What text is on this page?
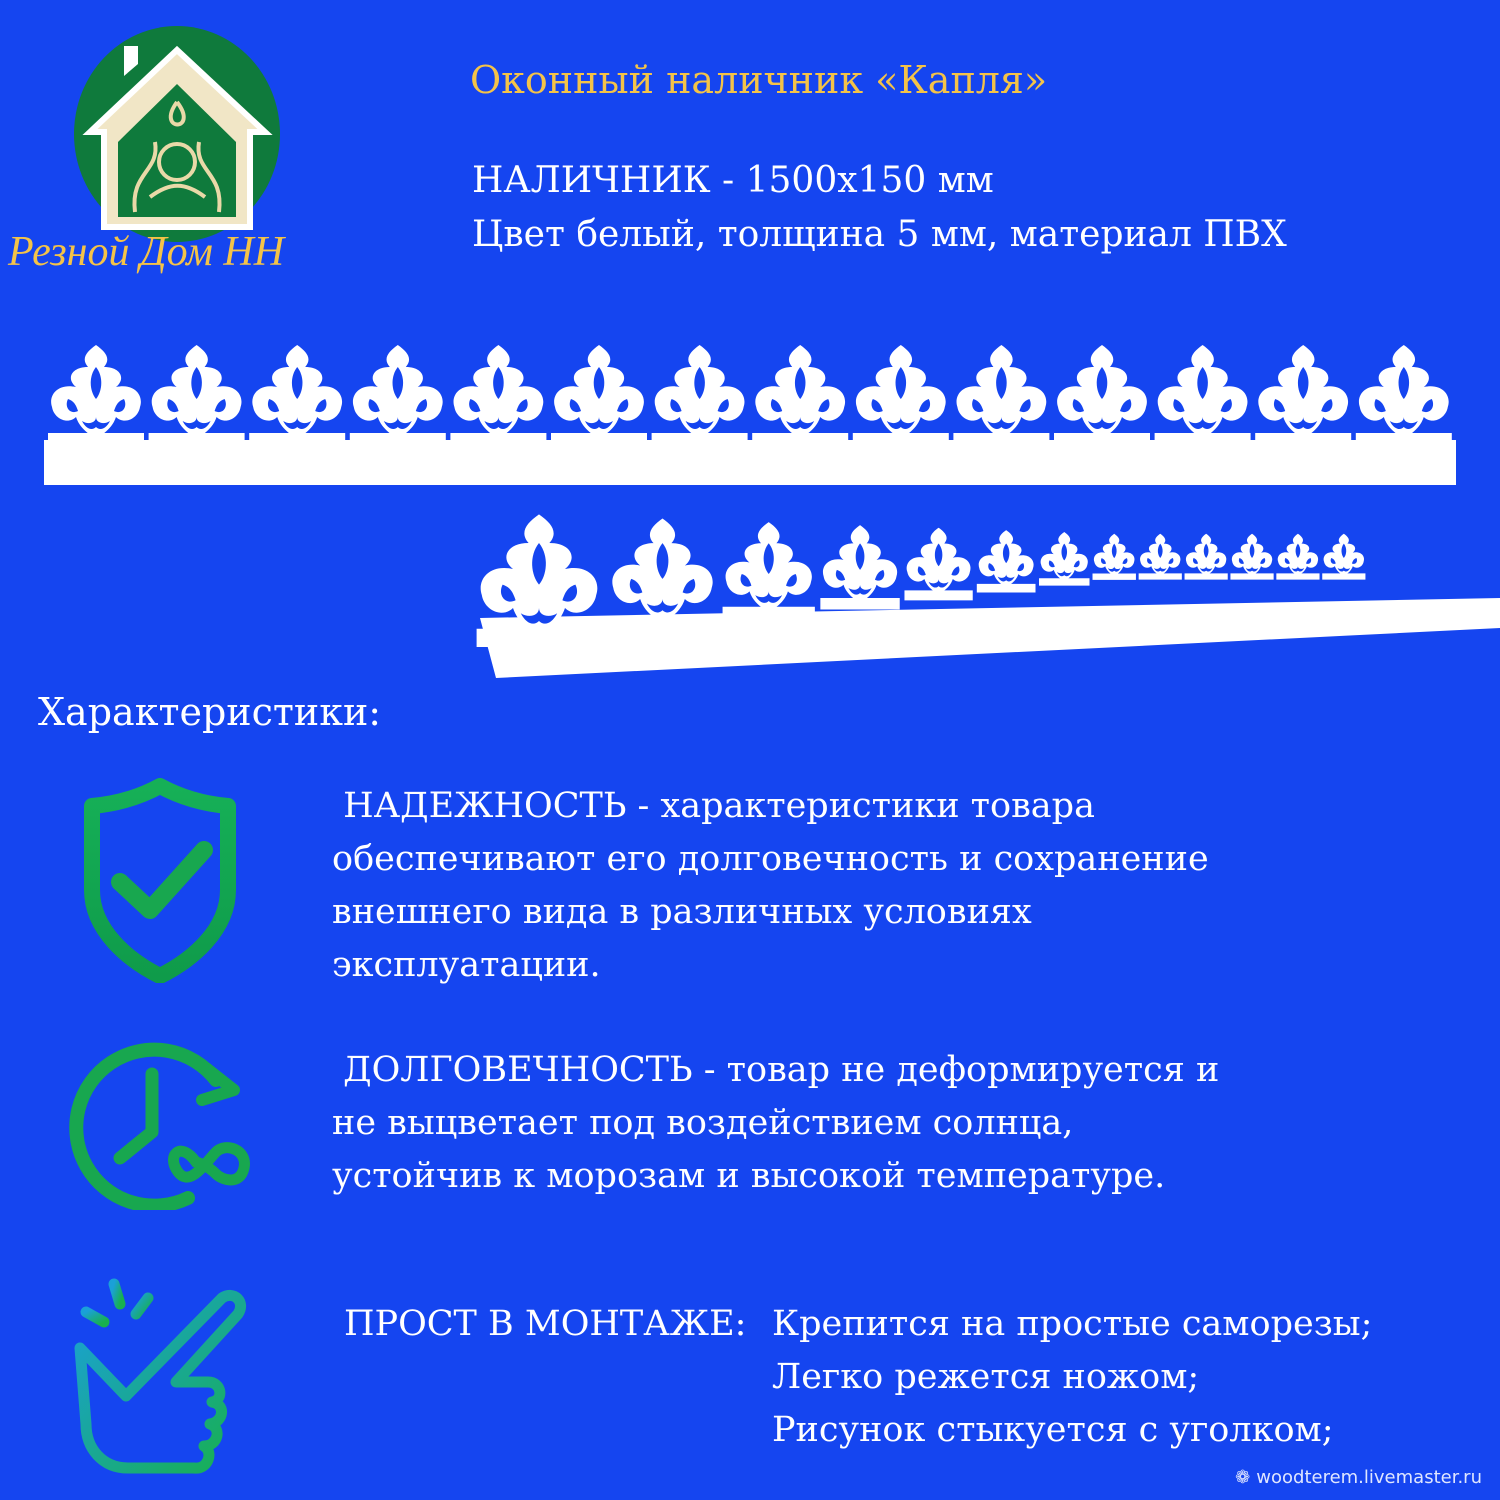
Резной Дом НН
Оконный наличник «Капля»
НАЛИЧНИК - 1500х150 мм
Цвет белый, толщина 5 мм, материал ПВХ
Характеристики:
НАДЕЖНОСТЬ - характеристики товара
обеспечивают его долговечность и сохранение
внешнего вида в различных условиях
эксплуатации.
ДОЛГОВЕЧНОСТЬ - товар не деформируется и
не выцветает под воздействием солнца,
устойчив к морозам и высокой температуре.
ПРОСТ В МОНТАЖЕ: Крепится на простые саморезы;
Легко режется ножом;
Рисунок стыкуется с уголком;
❁ woodterem.livemaster.ru
